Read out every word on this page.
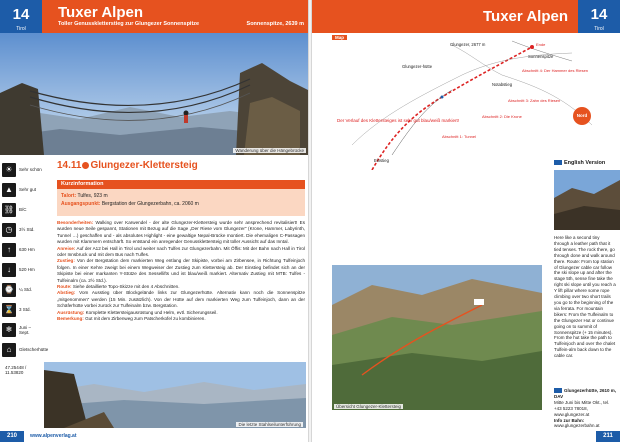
Tuxer Alpen
Toller Genusskletterstieg zur Glungezer Sonnenspitze	Sonnenspitze, 2639 m
14
Tirol
Wanderung über die Hängebrücke
☀	Sehr schön
▲	Sehr gut
⛓	B/C
◷	3½ Std.
↑	630 Hm
↓	520 Hm
⌚	¼ Std.
⌛	3 Std.
❄	Juni – Sept.
⌂	Gletscherhütte
47.25448 / 11.53820
14.11 Glungezer-Klettersteig
Kurzinformation
Talort: Tulfes, 923 m
Ausgangspunkt: Bergstation der Glungezerbahn, ca. 2060 m

Besonderheiten: Walking over Karwendel - der alte Glungezer-Klettersteig wurde sehr ansprechend revitalisiert! Es wurden neue Seile gespannt, Stationen mit Bezug auf die Sage „Der Riese vom Glungezer" (Krone, Hammer, Labyrinth, Tunnel …) geschaffen und - als absolutes Highlight - eine gewaltige Nepal-Brücke montiert. Die ehemaligen C-Passagen wurden mit Klammern entschärft. So entstand ein anregender Genussklettersteig mit toller Aussicht auf das Inntal.

Anreise: Auf der A12 bei Hall in Tirol und weiter nach Tulfes zur Glungezerbahn. Mit Öffis: Mit der Bahn nach Hall in Tirol oder Innsbruck und mit dem Bus nach Tulfes.

Zustieg: Von der Bergstation dem markierten Weg entlang der Skipiste, vorbei am Zirbensee, in Richtung Tulfeinjoch folgen. In einer Kehre zweigt bei einem Wegweiser der Zustieg zum Klettersteig ab. Der Einstieg befindet sich an der Skipiste bei einer markanten Y-Stütze des Sessellifts und ist blau/weiß markiert. Alternativ Zustieg mit MTB: Tulfes - Tulfeinalm (ca. 2½ Std.).

Route: Siehe detaillierte Topo-Skizze mit den 4 Abschnitten.

Abstieg: Vom Ausstieg über Blockgelände links zur Glungezerhütte. Alternativ kann noch die Sonnenspitze „mitgenommen" werden (15 Min. zusätzlich). Von der Hütte auf dem markierten Weg zum Tulfeinjoch, dann an der Schäferhütte vorbei zurück zur Tulfeinalm bzw. Bergstation.

Ausrüstung: Komplette Klettersteigausrüstung und Helm, evtl. Sicherungsseil.

Bemerkung: Gut mit dem Zirbenweg zum Patscherkofel zu kombinieren.

Die letzte Stahlseilunterführung
210	www.alpenverlag.at
Tuxer Alpen	14
Tirol
Map
Glungezer, 2677 m
Sonnenspitze
Glungezer-hütte
Notabstieg
Ende
Der Verlauf des Klettersteiges ist sehr gut blau/weiß markiert!
Abschnitt 1: Tunnel
Abschnitt 2: Die Krone
Abschnitt 3: Zahn des Riesen
Abschnitt 4: Der Hammer des Riesen
Einstieg
Nord
Übersicht Glungezer-Klettersteig
English Version

Here like a second tiny through a leather path that it tied tenses. The rock there, go through done and walk around there. Route: From top station of Glungezer cable car follow the ski slope up and after the stage 5th, sense fine take the right ski slope until you reach a Y lift pillar where some rope climbing over two short trails you go to the beginning of the via ferrata. For mountain bikers: From the Tulfeinalm to the Glungezer Hut or continue going on to summit of Sonnenspitze (+ 15 minutes). From the hut take the path to Tulfeinjoch and over the chalet Tulfein-alm back down to the cable car.

Glungezerhütte, 2610 m, DAV

Mitte Juni bis Mitte Okt., tel. +43 5223 78018, www.glungezer.at

Info zur Bahn: www.glungezerbahn.at

211
